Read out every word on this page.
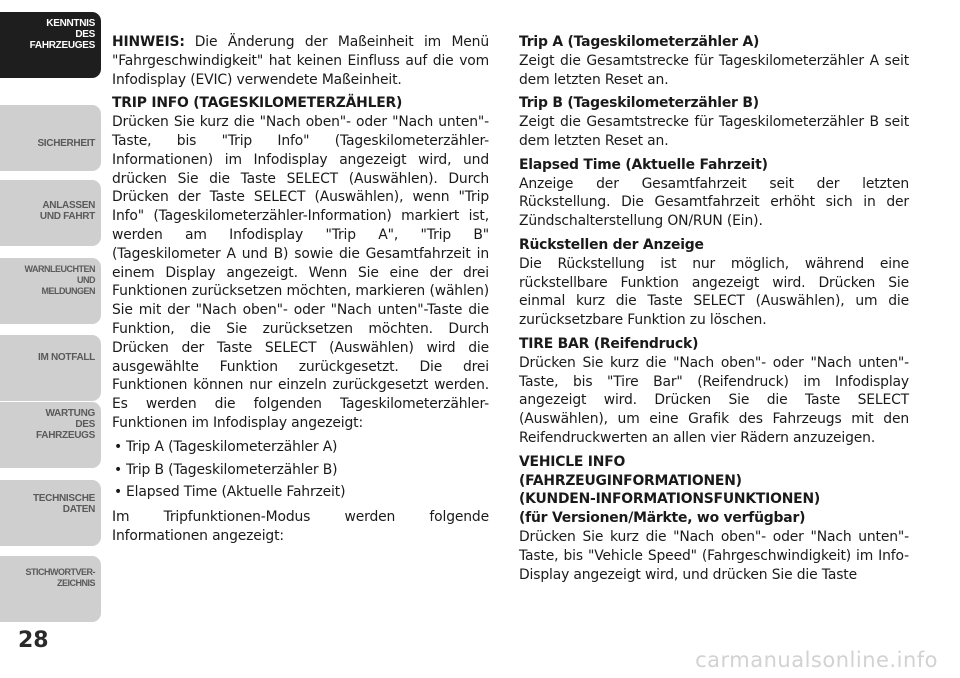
KENNTNIS
DES
FAHRZEUGES
SICHERHEIT
ANLASSEN
UND FAHRT
WARNLEUCHTEN
UND
MELDUNGEN
IM NOTFALL
WARTUNG
DES
FAHRZEUGS
TECHNISCHE
DATEN
STICHWORTVER-
ZEICHNIS
28

HINWEIS: Die Änderung der Maßeinheit im Menü "Fahrgeschwindigkeit" hat keinen Einfluss auf die vom Infodisplay (EVIC) verwendete Maßeinheit.

TRIP INFO (TAGESKILOMETERZÄHLER)

Drücken Sie kurz die "Nach oben"- oder "Nach unten"-Taste, bis "Trip Info" (Tageskilometerzähler-Informationen) im Infodisplay angezeigt wird, und drücken Sie die Taste SELECT (Auswählen). Durch Drücken der Taste SELECT (Auswählen), wenn "Trip Info" (Tageskilometerzähler-Information) markiert ist, werden am Infodisplay "Trip A", "Trip B" (Tageskilometer A und B) sowie die Gesamtfahrzeit in einem Display angezeigt. Wenn Sie eine der drei Funktionen zurücksetzen möchten, markieren (wählen) Sie mit der "Nach oben"- oder "Nach unten"-Taste die Funktion, die Sie zurücksetzen möchten. Durch Drücken der Taste SELECT (Auswählen) wird die ausgewählte Funktion zurückgesetzt. Die drei Funktionen können nur einzeln zurückgesetzt werden. Es werden die folgenden Tageskilometerzähler-Funktionen im Infodisplay angezeigt:

• Trip A (Tageskilometerzähler A)
• Trip B (Tageskilometerzähler B)
• Elapsed Time (Aktuelle Fahrzeit)

Im Tripfunktionen-Modus werden folgende Informationen angezeigt:

Trip A (Tageskilometerzähler A)

Zeigt die Gesamtstrecke für Tageskilometerzähler A seit dem letzten Reset an.

Trip B (Tageskilometerzähler B)

Zeigt die Gesamtstrecke für Tageskilometerzähler B seit dem letzten Reset an.

Elapsed Time (Aktuelle Fahrzeit)

Anzeige der Gesamtfahrzeit seit der letzten Rückstellung. Die Gesamtfahrzeit erhöht sich in der Zündschalterstellung ON/RUN (Ein).

Rückstellen der Anzeige

Die Rückstellung ist nur möglich, während eine rückstellbare Funktion angezeigt wird. Drücken Sie einmal kurz die Taste SELECT (Auswählen), um die zurücksetzbare Funktion zu löschen.

TIRE BAR (Reifendruck)

Drücken Sie kurz die "Nach oben"- oder "Nach unten"-Taste, bis "Tire Bar" (Reifendruck) im Infodisplay angezeigt wird. Drücken Sie die Taste SELECT (Auswählen), um eine Grafik des Fahrzeugs mit den Reifendruckwerten an allen vier Rädern anzuzeigen.

VEHICLE INFO
(FAHRZEUGINFORMATIONEN)
(KUNDEN-INFORMATIONSFUNKTIONEN)
(für Versionen/Märkte, wo verfügbar)

Drücken Sie kurz die "Nach oben"- oder "Nach unten"-Taste, bis "Vehicle Speed" (Fahrgeschwindigkeit) im Info-Display angezeigt wird, und drücken Sie die Taste

carmanualsonline.info
